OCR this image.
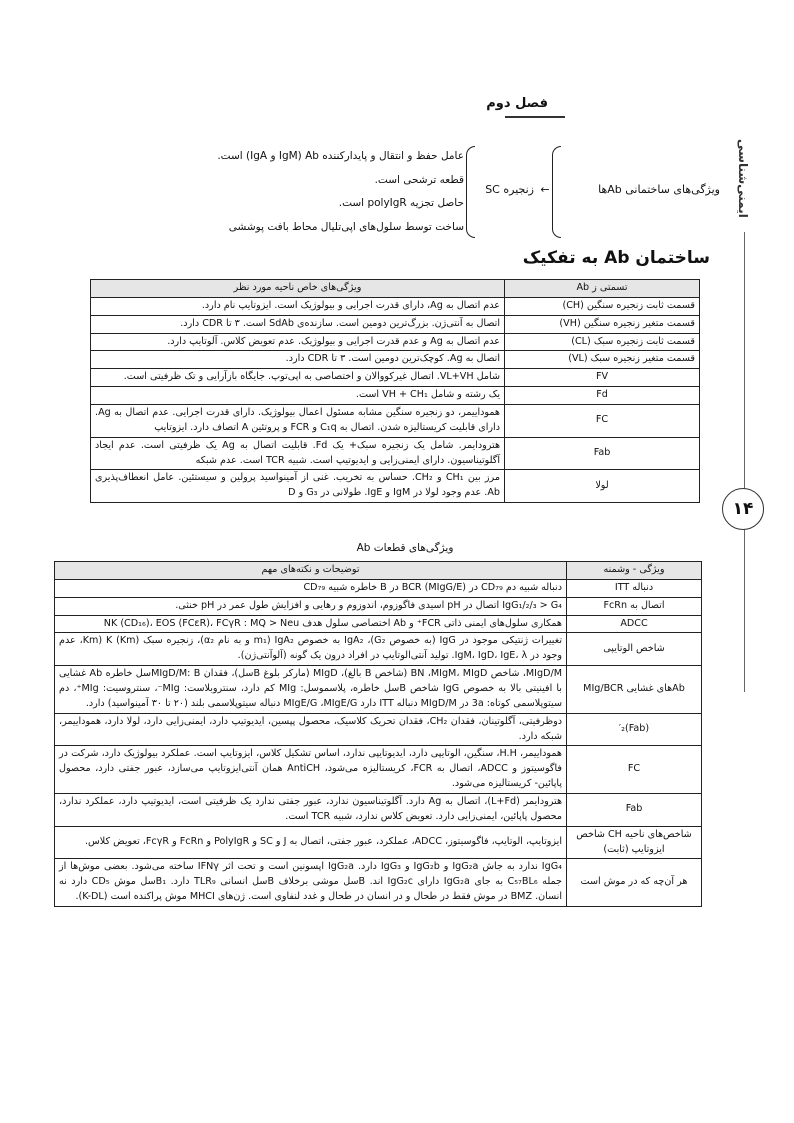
فصل دوم
ایمنی‌شناسی
۱۴
ویژگی‌های ساختمانی Abها
←
زنجیره SC
عامل حفظ و انتقال و پایدارکننده IgM) Ab و IgA) است.
قطعه ترشحی است.
حاصل تجزیه polyIgR است.
ساخت توسط سلول‌های اپی‌تلیال محاط بافت پوششی
ساختمان Ab به تفکیک
تسمتی ز Ab	ویژگی‌های خاص ناحیه مورد نظر
قسمت ثابت زنجیره سنگین (CH)	عدم اتصال به Ag، دارای قدرت اجرایی و بیولوژیک است. ایزوتایپ نام دارد.
قسمت متغیر زنجیره سنگین (VH)	اتصال به آنتی‌ژن. بزرگ‌ترین دومین است. سازنده‌ی SdAb است. ۳ تا CDR دارد.
قسمت ثابت زنجیره سبک (CL)	عدم اتصال به Ag و عدم قدرت اجرایی و بیولوژیک. عدم تعویض کلاس. آلوتایپ دارد.
قسمت متغیر زنجیره سبک (VL)	اتصال به Ag. کوچک‌ترین دومین است. ۳ تا CDR دارد.
FV	شامل VL+VH. اتصال غیرکووالان و اختصاصی به اپی‌توپ. جایگاه بازآرایی و تک ظرفیتی است.
Fd	یک رشته و شامل VH + CH₁ است.
FC	هموداییمر، دو زنجیره سنگین مشابه مسئول اعمال بیولوژیک. دارای قدرت اجرایی. عدم اتصال به Ag. دارای قابلیت کریستالیزه شدن. اتصال به C₁q و FCR و پروتئین A اتصاف دارد. ایزوتایپ
Fab	هترودایمر. شامل یک زنجیره سبک+ یک Fd. قابلیت اتصال به Ag یک ظرفیتی است. عدم ایجاد آگلوتیناسیون. دارای ایمنی‌زایی و ایدیوتیپ است. شبیه TCR است. عدم شبکه
لولا	مرز بین CH₁ و CH₂. حساس به تخریب. غنی از آمینواسید پرولین و سیستئین. عامل انعطاف‌پذیری Ab. عدم وجود لولا در IgM و IgE. طولانی در G₃ و D
ویژگی‌های قطعات Ab
ویژگی - وشمنه	توضیحات و نکته‌های مهم
دنباله ITT	دنباله شبیه دم CD₇₉ در BCR (MIgG/E) در B خاطره شبیه CD₇₉
اتصال به FcRn	IgG₁/₂/₃ > G₄ اتصال در pH اسیدی فاگوزوم، اندوزوم و رهایی و افزایش طول عمر در pH خنثی.
ADCC	همکاری سلول‌های ایمنی ذاتی FCR⁺ و Ab اختصاصی سلول هدف NK (CD₁₆)، EOS (FCεR)، FCγR : MQ > Neu
شاخص الوتایپی	تغییرات ژنتیکی موجود در IgG (به خصوص G₂)، IgA₂ به خصوص m₁) IgA₂ و به نام α₂)، زنجیره سبک Km) K (Km)، عدم وجود در IgM، IgD، IgE، λ. تولید آنتی‌الوتایپ در افراد درون یک گونه (آلوآنتی‌ژن).
Abهای غشایی MIg/BCR	MIgD/M، شاخص BN ،MIgM، MIgD (شاخص B بالغ)، MIgD (مارکر بلوغ Bسل)، فقدان MIgD/M: Bسل خاطره Ab غشایی با افینیتی بالا به خصوص IgG شاخص Bسل خاطره، پلاسموسل: MIg کم دارد، سنتروبلاست: MIg⁻، سنتروسیت: MIg⁺، دم سیتوپلاسمی کوتاه: 3a در MIgD/M دنباله ITT دارد MIgE/G ،MIgE/G دنباله سیتوپلاسمی بلند (۲۰ تا ۳۰ آمینواسید) دارد.
(Fab)′₂	دوظرفیتی، آگلوتینان، فقدان CH₂، فقدان تحریک کلاسیک، محصول پپسین، ایدیوتیپ دارد، ایمنی‌زایی دارد، لولا دارد، هموداییمر، شبکه دارد.
FC	هموداییمر، H.H، سنگین، الوتایپی دارد، ایدیوتایپی ندارد، اساس تشکیل کلاس، ایزوتایپ است. عملکرد بیولوژیک دارد، شرکت در فاگوسیتوز و ADCC، اتصال به FCR، کریستالیزه می‌شود، AntiCH همان آنتی‌ایزوتایپ می‌سازد، عبور جفتی دارد، محصول پاپائین- کریستالیزه می‌شود.
Fab	هترودایمر (L+Fd)، اتصال به Ag دارد. آگلوتیناسیون ندارد، عبور جفتی ندارد یک ظرفیتی است، ایدیوتیپ دارد، عملکرد ندارد، محصول پاپائین، ایمنی‌زایی دارد. تعویض کلاس ندارد، شبیه TCR است.
شاخص‌های ناحیه CH شاخص ایزوتایپ (ثابت)	ایزوتایپ، الوتایپ، فاگوسیتوز، ADCC، عملکرد، عبور جفتی، اتصال به J و SC و PolyIgR و FcRn و FcγR، تعویض کلاس.
هر آن‌چه که در موش است	IgG₄ ندارد به جاش IgG₂a و IgG₂b و IgG₃ دارد. IgG₂a اپسونین است و تحت اثر IFNγ ساخته می‌شود. بعضی موش‌ها از جمله C₅₇BL₆ به جای IgG₂a دارای IgG₂c اند. Bسل موشی برخلاف Bسل انسانی TLR₉ دارد. B₁سل موش CD₅ دارد نه انسان. BMZ در موش فقط در طحال و در انسان در طحال و غدد لنفاوی است. ژن‌های MHCI موش پراکنده است (K-DL).
